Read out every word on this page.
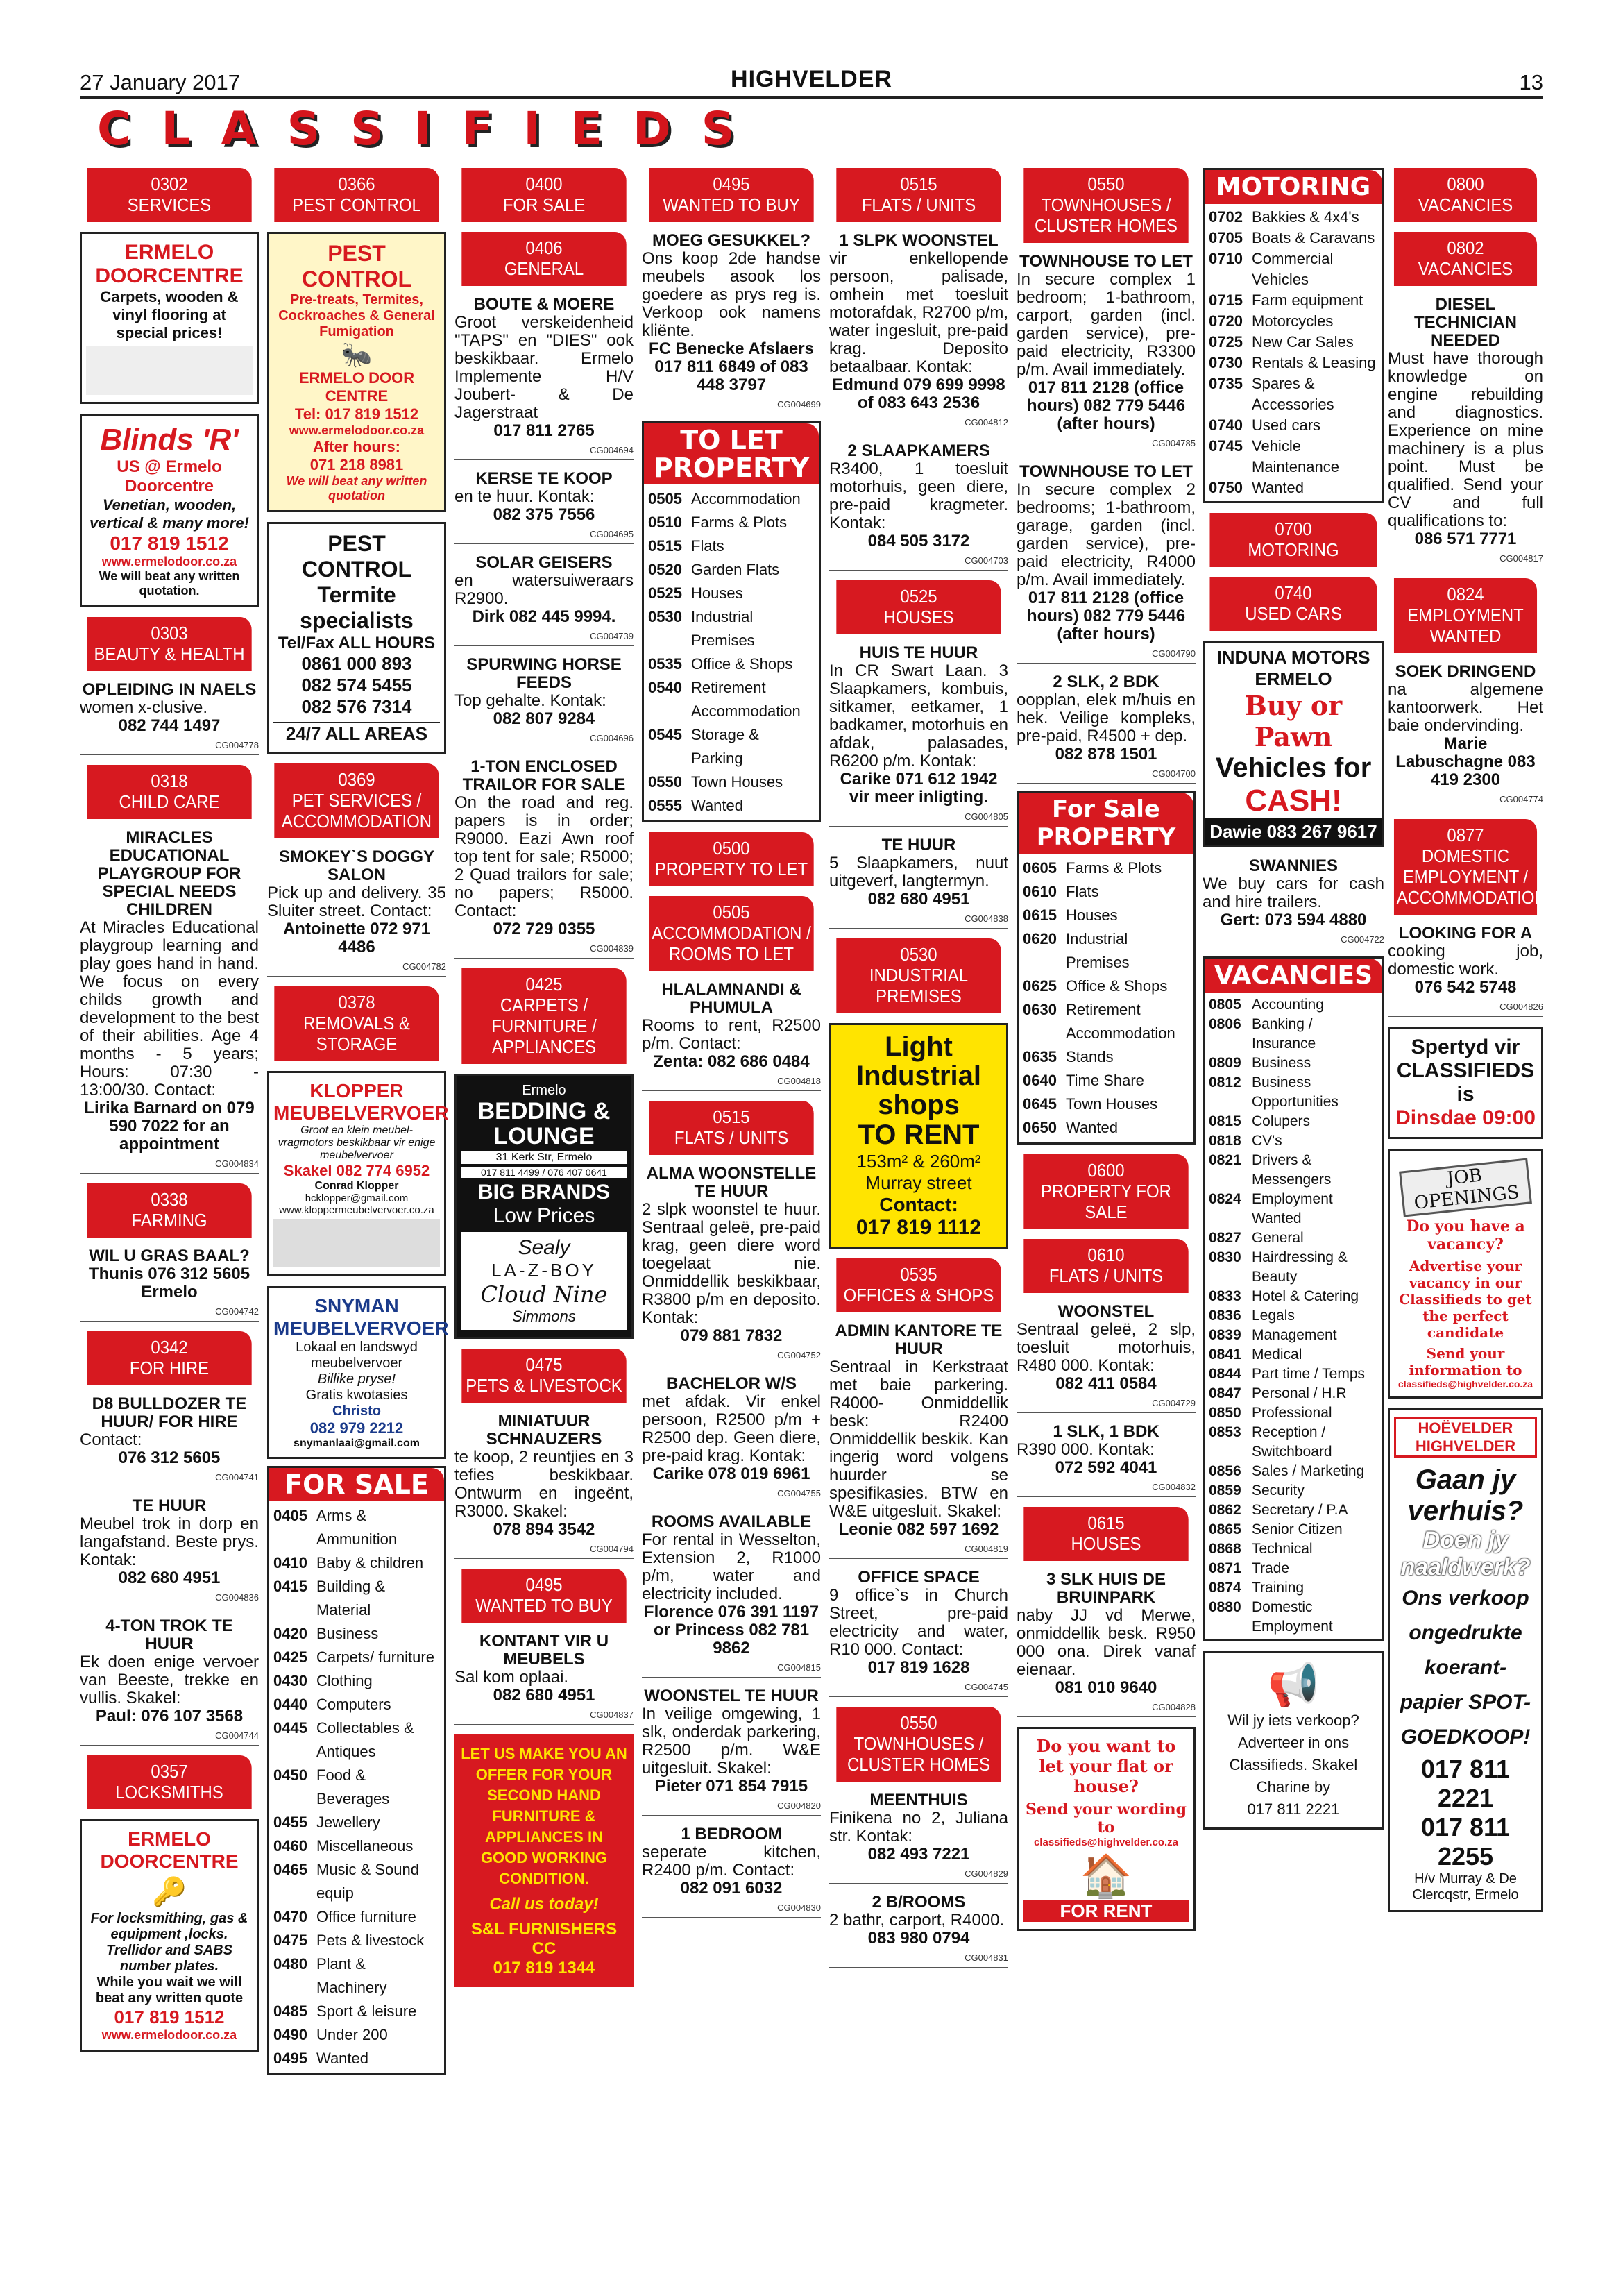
27 January 2017	HIGHVELDER	13
C L A S S I F I E D S
0302
SERVICES
ERMELO DOORCENTRE
Carpets, wooden & vinyl flooring at special prices!
Blinds 'R'
US @ Ermelo Doorcentre
Venetian, wooden, vertical & many more!
017 819 1512
www.ermelodoor.co.za
We will beat any written quotation.
0303
BEAUTY & HEALTH
OPLEIDING IN NAELS
women x-clusive.
082 744 1497
CG004778
0318
CHILD CARE
MIRACLES EDUCATIONAL PLAYGROUP FOR SPECIAL NEEDS CHILDREN
At Miracles Educational playgroup learning and play goes hand in hand. We focus on every childs growth and development to the best of their abilities. Age 4 months - 5 years; Hours: 07:30 - 13:00/30. Contact:
Lirika Barnard on 079 590 7022 for an appointment
CG004834
0338
FARMING
WIL U GRAS BAAL?
Thunis 076 312 5605 Ermelo
CG004742
0342
FOR HIRE
D8 BULLDOZER TE HUUR/ FOR HIRE
Contact:
076 312 5605
CG004741
TE HUUR
Meubel trok in dorp en langafstand. Beste prys. Kontak:
082 680 4951
CG004836
4-TON TROK TE HUUR
Ek doen enige vervoer van Beeste, trekke en vullis. Skakel:
Paul: 076 107 3568
CG004744
0357
LOCKSMITHS
ERMELO DOORCENTRE
🔑
For locksmithing, gas & equipment ,locks. Trellidor and SABS number plates.
While you wait we will beat any written quote
017 819 1512
www.ermelodoor.co.za
0366
PEST CONTROL
PEST CONTROL
Pre-treats, Termites, Cockroaches & General Fumigation
🐜
ERMELO DOOR CENTRE
Tel: 017 819 1512
www.ermelodoor.co.za
After hours:
071 218 8981
We will beat any written quotation
PEST CONTROL
Termite specialists
Tel/Fax ALL HOURS
0861 000 893
082 574 5455
082 576 7314
24/7 ALL AREAS
0369
PET SERVICES / ACCOMMODATION
SMOKEY`S DOGGY SALON
Pick up and delivery. 35 Sluiter street. Contact:
Antoinette 072 971 4486
CG004782
0378
REMOVALS & STORAGE
KLOPPER MEUBELVERVOER
Groot en klein meubel-vragmotors beskikbaar vir enige meubelvervoer
Skakel 082 774 6952
Conrad Klopper
hcklopper@gmail.com
www.kloppermeubelvervoer.co.za
SNYMAN MEUBELVERVOER
Lokaal en landswyd meubelvervoer
Billike pryse!
Gratis kwotasies
Christo
082 979 2212
snymanlaai@gmail.com
FOR SALE
0405 Arms & Ammunition
0410 Baby & children
0415 Building & Material
0420 Business
0425 Carpets/ furniture
0430 Clothing
0440 Computers
0445 Collectables & Antiques
0450 Food & Beverages
0455 Jewellery
0460 Miscellaneous
0465 Music & Sound equip
0470 Office furniture
0475 Pets & livestock
0480 Plant & Machinery
0485 Sport & leisure
0490 Under 200
0495 Wanted
0400
FOR SALE
0406
GENERAL
BOUTE & MOERE
Groot verskeidenheid "TAPS" en "DIES" ook beskikbaar. Ermelo Implemente H/V Joubert- & De Jagerstraat
017 811 2765
CG004694
KERSE TE KOOP
en te huur. Kontak:
082 375 7556
CG004695
SOLAR GEISERS
en watersuiweraars R2900.
Dirk 082 445 9994.
CG004739
SPURWING HORSE FEEDS
Top gehalte. Kontak:
082 807 9284
CG004696
1-TON ENCLOSED TRAILOR FOR SALE
On the road and reg. papers is in order; R9000. Eazi Awn roof top tent for sale; R5000; 2 Quad trailors for sale; no papers; R5000. Contact:
072 729 0355
CG004839
0425
CARPETS / FURNITURE / APPLIANCES
Ermelo
BEDDING & LOUNGE
31 Kerk Str, Ermelo
017 811 4499 / 076 407 0641
BIG BRANDS
Low Prices
Sealy
LA-Z-BOY
Cloud Nine
Simmons
0475
PETS & LIVESTOCK
MINIATUUR SCHNAUZERS
te koop, 2 reuntjies en 3 tefies beskikbaar. Ontwurm en ingeënt, R3000. Skakel:
078 894 3542
CG004794
0495
WANTED TO BUY
KONTANT VIR U MEUBELS
Sal kom oplaai.
082 680 4951
CG004837
LET US MAKE YOU AN OFFER FOR YOUR SECOND HAND FURNITURE & APPLIANCES IN GOOD WORKING CONDITION.
Call us today!
S&L FURNISHERS CC
017 819 1344
0495
WANTED TO BUY
MOEG GESUKKEL?
Ons koop 2de handse meubels asook los goedere as prys reg is. Verkoop ook namens kliënte.
FC Benecke Afslaers 017 811 6849 of 083 448 3797
CG004699
TO LET PROPERTY
0505 Accommodation
0510 Farms & Plots
0515 Flats
0520 Garden Flats
0525 Houses
0530 Industrial Premises
0535 Office & Shops
0540 Retirement Accommodation
0545 Storage & Parking
0550 Town Houses
0555 Wanted
0500
PROPERTY TO LET
0505
ACCOMMODATION / ROOMS TO LET
HLALAMNANDI & PHUMULA
Rooms to rent, R2500 p/m. Contact:
Zenta: 082 686 0484
CG004818
0515
FLATS / UNITS
ALMA WOONSTELLE TE HUUR
2 slpk woonstel te huur. Sentraal geleë, pre-paid krag, geen diere word toegelaat nie. Onmiddellik beskikbaar, R3800 p/m en deposito. Kontak:
079 881 7832
CG004752
BACHELOR W/S
met afdak. Vir enkel persoon, R2500 p/m + R2500 dep. Geen diere, pre-paid krag. Kontak:
Carike 078 019 6961
CG004755
ROOMS AVAILABLE
For rental in Wesselton, Extension 2, R1000 p/m, water and electricity included.
Florence 076 391 1197 or Princess 082 781 9862
CG004815
WOONSTEL TE HUUR
In veilige omgewing, 1 slk, onderdak parkering, R2500 p/m. W&E uitgesluit. Skakel:
Pieter 071 854 7915
CG004820
1 BEDROOM
seperate kitchen, R2400 p/m. Contact:
082 091 6032
CG004830
0515
FLATS / UNITS
1 SLPK WOONSTEL
vir enkellopende persoon, palisade, omhein met toesluit motorafdak, R2700 p/m, water ingesluit, pre-paid krag. Deposito betaalbaar. Kontak:
Edmund 079 699 9998 of 083 643 2536
CG004812
2 SLAAPKAMERS
R3400, 1 toesluit motorhuis, geen diere, pre-paid kragmeter. Kontak:
084 505 3172
CG004703
0525
HOUSES
HUIS TE HUUR
In CR Swart Laan. 3 Slaapkamers, kombuis, sitkamer, eetkamer, 1 badkamer, motorhuis en afdak, palasades, R6200 p/m. Kontak:
Carike 071 612 1942 vir meer inligting.
CG004805
TE HUUR
5 Slaapkamers, nuut uitgeverf, langtermyn.
082 680 4951
CG004838
0530
INDUSTRIAL PREMISES
Light Industrial shops
TO RENT
153m² & 260m²
Murray street
Contact:
017 819 1112
0535
OFFICES & SHOPS
ADMIN KANTORE TE HUUR
Sentraal in Kerkstraat met baie parkering. R4000- Onmiddellik besk: R2400 Onmiddellik beskik. Kan ingerig word volgens huurder se spesifikasies. BTW en W&E uitgesluit. Skakel:
Leonie 082 597 1692
CG004819
OFFICE SPACE
9 office`s in Church Street, pre-paid electricity and water, R10 000. Contact:
017 819 1628
CG004745
0550
TOWNHOUSES / CLUSTER HOMES
MEENTHUIS
Finikena no 2, Juliana str. Kontak:
082 493 7221
CG004829
2 B/ROOMS
2 bathr, carport, R4000.
083 980 0794
CG004831
0550
TOWNHOUSES / CLUSTER HOMES
TOWNHOUSE TO LET
In secure complex 1 bedroom; 1-bathroom, carport, garden (incl. garden service), pre-paid electricity, R3300 p/m. Avail immediately.
017 811 2128 (office hours) 082 779 5446 (after hours)
CG004785
TOWNHOUSE TO LET
In secure complex 2 bedrooms; 1-bathroom, garage, garden (incl. garden service), pre-paid electricity, R4000 p/m. Avail immediately.
017 811 2128 (office hours) 082 779 5446 (after hours)
CG004790
2 SLK, 2 BDK
oopplan, elek m/huis en hek. Veilige kompleks, pre-paid, R4500 + dep.
082 878 1501
CG004700
For Sale PROPERTY
0605 Farms & Plots
0610 Flats
0615 Houses
0620 Industrial Premises
0625 Office & Shops
0630 Retirement Accommodation
0635 Stands
0640 Time Share
0645 Town Houses
0650 Wanted
0600
PROPERTY FOR SALE
0610
FLATS / UNITS
WOONSTEL
Sentraal geleë, 2 slp, toesluit motorhuis, R480 000. Kontak:
082 411 0584
CG004729
1 SLK, 1 BDK
R390 000. Kontak:
072 592 4041
CG004832
0615
HOUSES
3 SLK HUIS DE BRUINPARK
naby JJ vd Merwe, onmiddellik besk. R950 000 ona. Direk vanaf eienaar.
081 010 9640
CG004828
Do you want to let your flat or house?
Send your wording to
classifieds@highvelder.co.za
🏠
FOR RENT
MOTORING
0702 Bakkies & 4x4's
0705 Boats & Caravans
0710 Commercial Vehicles
0715 Farm equipment
0720 Motorcycles
0725 New Car Sales
0730 Rentals & Leasing
0735 Spares & Accessories
0740 Used cars
0745 Vehicle Maintenance
0750 Wanted
0700
MOTORING
0740
USED CARS
INDUNA MOTORS ERMELO
Buy or Pawn
Vehicles for
CASH!
Dawie 083 267 9617
SWANNIES
We buy cars for cash and hire trailers.
Gert: 073 594 4880
CG004722
VACANCIES
0805 Accounting
0806 Banking / Insurance
0809 Business
0812 Business Opportunities
0815 Colupers
0818 CV's
0821 Drivers & Messengers
0824 Employment Wanted
0827 General
0830 Hairdressing & Beauty
0833 Hotel & Catering
0836 Legals
0839 Management
0841 Medical
0844 Part time / Temps
0847 Personal / H.R
0850 Professional
0853 Reception / Switchboard
0856 Sales / Marketing
0859 Security
0862 Secretary / P.A
0865 Senior Citizen
0868 Technical
0871 Trade
0874 Training
0880 Domestic Employment
📢
Wil jy iets verkoop?
Adverteer in ons Classifieds. Skakel
Charine by
017 811 2221
0800
VACANCIES
0802
VACANCIES
DIESEL TECHNICIAN NEEDED
Must have thorough knowledge on engine rebuilding and diagnostics. Experience on mine machinery is a plus point. Must be qualified. Send your CV and full qualifications to:
086 571 7771
CG004817
0824
EMPLOYMENT WANTED
SOEK DRINGEND
na algemene kantoorwerk. Het baie ondervinding.
Marie Labuschagne 083 419 2300
CG004774
0877
DOMESTIC EMPLOYMENT / ACCOMMODATION
LOOKING FOR A
cooking job, domestic work.
076 542 5748
CG004826
Spertyd vir
CLASSIFIEDS
is
Dinsdae 09:00
JOB OPENINGS
Do you have a vacancy?
Advertise your vacancy in our Classifieds to get the perfect candidate
Send your information to
classifieds@highvelder.co.za
HOËVELDER HIGHVELDER
Gaan jy verhuis?
Doen jy naaldwerk?
Ons verkoop ongedrukte koerant-papier SPOT-GOEDKOOP!
017 811 2221
017 811 2255
H/v Murray & De Clercqstr, Ermelo
